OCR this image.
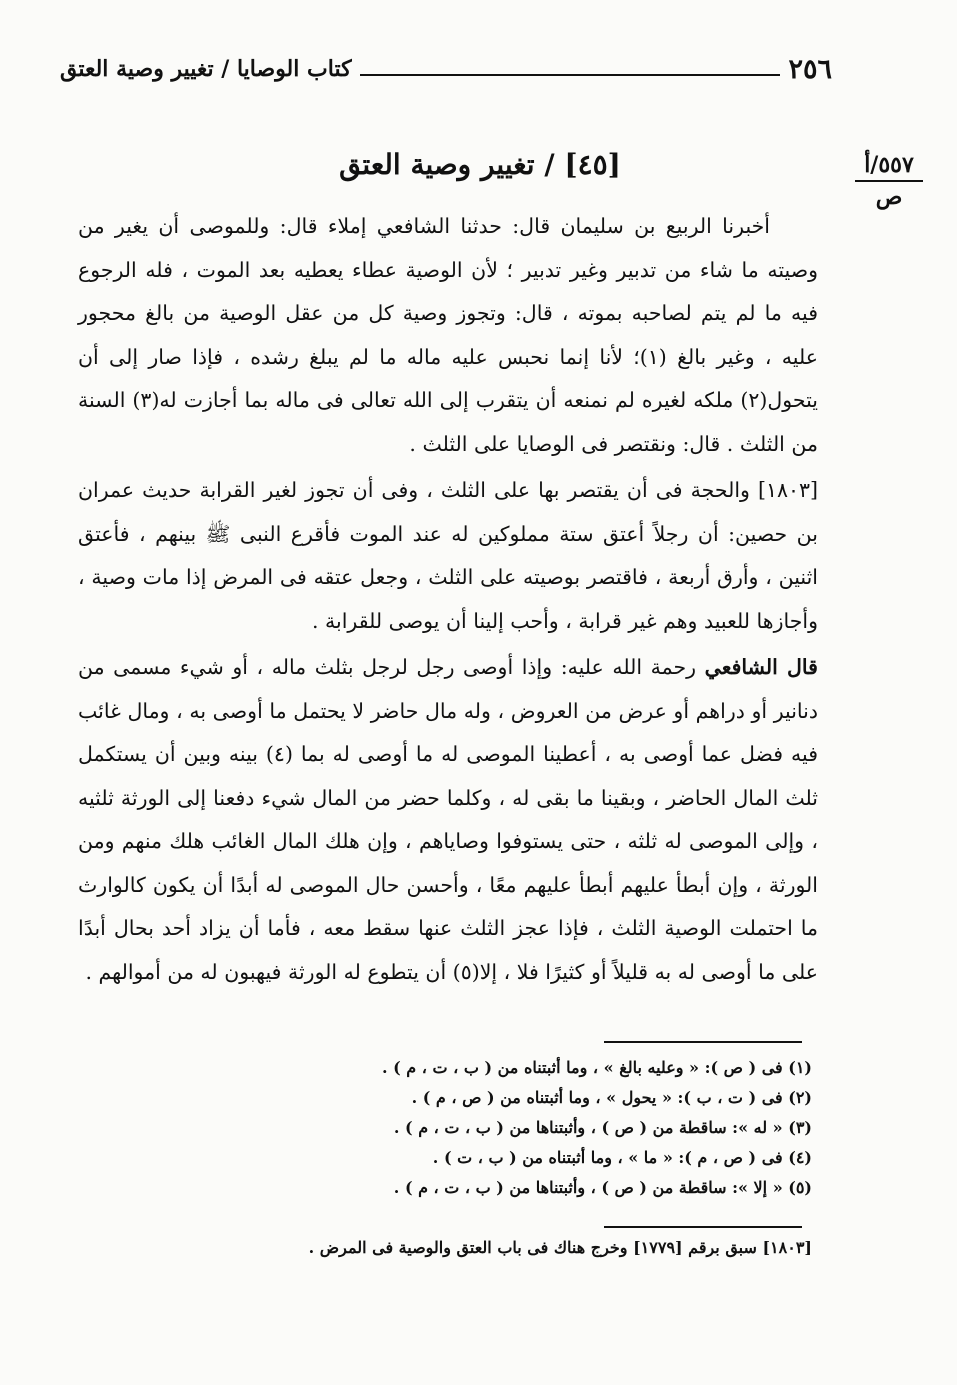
٢٥٦
كتاب الوصايا / تغيير وصية العتق
٥٥٧/أ
ص
[٤٥] / تغيير وصية العتق

أخبرنا الربيع بن سليمان قال: حدثنا الشافعي إملاء قال: وللموصى أن يغير من وصيته ما شاء من تدبير وغير تدبير ؛ لأن الوصية عطاء يعطيه بعد الموت ، فله الرجوع فيه ما لم يتم لصاحبه بموته ، قال: وتجوز وصية كل من عقل الوصية من بالغ محجور عليه ، وغير بالغ (١)؛ لأنا إنما نحبس عليه ماله ما لم يبلغ رشده ، فإذا صار إلى أن يتحول(٢) ملكه لغيره لم نمنعه أن يتقرب إلى الله تعالى فى ماله بما أجازت له(٣) السنة من الثلث . قال: ونقتصر فى الوصايا على الثلث .

[١٨٠٣] والحجة فى أن يقتصر بها على الثلث ، وفى أن تجوز لغير القرابة حديث عمران بن حصين: أن رجلاً أعتق ستة مملوكين له عند الموت فأقرع النبى ﷺ بينهم ، فأعتق اثنين ، وأرق أربعة ، فاقتصر بوصيته على الثلث ، وجعل عتقه فى المرض إذا مات وصية ، وأجازها للعبيد وهم غير قرابة ، وأحب إلينا أن يوصى للقرابة .

قال الشافعي رحمة الله عليه: وإذا أوصى رجل لرجل بثلث ماله ، أو شيء مسمى من دنانير أو دراهم أو عرض من العروض ، وله مال حاضر لا يحتمل ما أوصى به ، ومال غائب فيه فضل عما أوصى به ، أعطينا الموصى له ما أوصى له بما (٤) بينه وبين أن يستكمل ثلث المال الحاضر ، وبقينا ما بقى له ، وكلما حضر من المال شيء دفعنا إلى الورثة ثلثيه ، وإلى الموصى له ثلثه ، حتى يستوفوا وصاياهم ، وإن هلك المال الغائب هلك منهم ومن الورثة ، وإن أبطأ عليهم أبطأ عليهم معًا ، وأحسن حال الموصى له أبدًا أن يكون كالوارث ما احتملت الوصية الثلث ، فإذا عجز الثلث عنها سقط معه ، فأما أن يزاد أحد بحال أبدًا على ما أوصى له به قليلاً أو كثيرًا فلا ، إلا(٥) أن يتطوع له الورثة فيهبون له من أموالهم .

(١) فى ( ص ): « وعليه بالغ » ، وما أثبتناه من ( ب ، ت ، م ) .
(٢) فى ( ت ، ب ): « يحول » ، وما أثبتناه من ( ص ، م ) .
(٣) « له »: ساقطة من ( ص ) ، وأثبتناها من ( ب ، ت ، م ) .
(٤) فى ( ص ، م ): « ما » ، وما أثبتناه من ( ب ، ت ) .
(٥) « إلا »: ساقطة من ( ص ) ، وأثبتناها من ( ب ، ت ، م ) .
[١٨٠٣] سبق برقم [١٧٧٩] وخرج هناك فى باب العتق والوصية فى المرض .
